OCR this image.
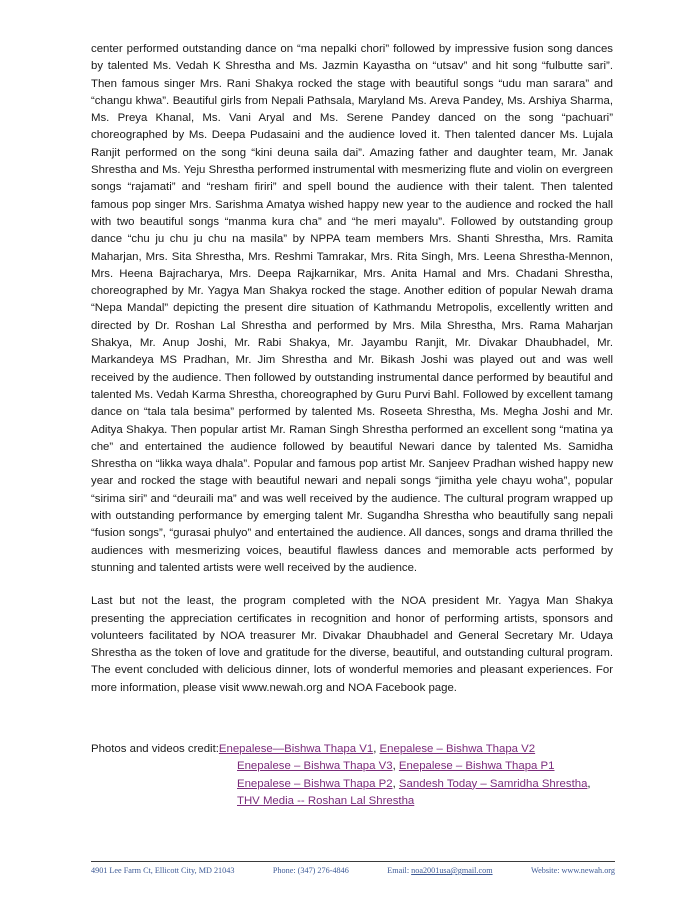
center performed outstanding dance on “ma nepalki chori” followed by impressive fusion song dances by talented Ms. Vedah K Shrestha and Ms. Jazmin Kayastha on “utsav” and hit song “fulbutte sari”. Then famous singer Mrs. Rani Shakya rocked the stage with beautiful songs “udu man sarara” and “changu khwa”. Beautiful girls from Nepali Pathsala, Maryland Ms. Areva Pandey, Ms. Arshiya Sharma, Ms. Preya Khanal, Ms. Vani Aryal and Ms. Serene Pandey danced on the song “pachuari” choreographed by Ms. Deepa Pudasaini and the audience loved it. Then talented dancer Ms. Lujala Ranjit performed on the song “kini deuna saila dai”. Amazing father and daughter team, Mr. Janak Shrestha and Ms. Yeju Shrestha performed instrumental with mesmerizing flute and violin on evergreen songs “rajamati” and “resham firiri” and spell bound the audience with their talent. Then talented famous pop singer Mrs. Sarishma Amatya wished happy new year to the audience and rocked the hall with two beautiful songs “manma kura cha” and “he meri mayalu”. Followed by outstanding group dance “chu ju chu ju chu na masila” by NPPA team members Mrs. Shanti Shrestha, Mrs. Ramita Maharjan, Mrs. Sita Shrestha, Mrs. Reshmi Tamrakar, Mrs. Rita Singh, Mrs. Leena Shrestha-Mennon, Mrs. Heena Bajracharya, Mrs. Deepa Rajkarnikar, Mrs. Anita Hamal and Mrs. Chadani Shrestha, choreographed by Mr. Yagya Man Shakya rocked the stage. Another edition of popular Newah drama “Nepa Mandal” depicting the present dire situation of Kathmandu Metropolis, excellently written and directed by Dr. Roshan Lal Shrestha and performed by Mrs. Mila Shrestha, Mrs. Rama Maharjan Shakya, Mr. Anup Joshi, Mr. Rabi Shakya, Mr. Jayambu Ranjit, Mr. Divakar Dhaubhadel, Mr. Markandeya MS Pradhan, Mr. Jim Shrestha and Mr. Bikash Joshi was played out and was well received by the audience. Then followed by outstanding instrumental dance performed by beautiful and talented Ms. Vedah Karma Shrestha, choreographed by Guru Purvi Bahl. Followed by excellent tamang dance on “tala tala besima” performed by talented Ms. Roseeta Shrestha, Ms. Megha Joshi and Mr. Aditya Shakya. Then popular artist Mr. Raman Singh Shrestha performed an excellent song “matina ya che” and entertained the audience followed by beautiful Newari dance by talented Ms. Samidha Shrestha on “likka waya dhala”. Popular and famous pop artist Mr. Sanjeev Pradhan wished happy new year and rocked the stage with beautiful newari and nepali songs “jimitha yele chayu woha”, popular “sirima siri” and “deuraili ma” and was well received by the audience. The cultural program wrapped up with outstanding performance by emerging talent Mr. Sugandha Shrestha who beautifully sang nepali “fusion songs”, “gurasai phulyo” and entertained the audience. All dances, songs and drama thrilled the audiences with mesmerizing voices, beautiful flawless dances and memorable acts performed by stunning and talented artists were well received by the audience.

Last but not the least, the program completed with the NOA president Mr. Yagya Man Shakya presenting the appreciation certificates in recognition and honor of performing artists, sponsors and volunteers facilitated by NOA treasurer Mr. Divakar Dhaubhadel and General Secretary Mr. Udaya Shrestha as the token of love and gratitude for the diverse, beautiful, and outstanding cultural program. The event concluded with delicious dinner, lots of wonderful memories and pleasant experiences. For more information, please visit www.newah.org and NOA Facebook page.

Photos and videos credit:Enepalese—Bishwa Thapa V1, Enepalese – Bishwa Thapa V2
Enepalese – Bishwa Thapa V3, Enepalese – Bishwa Thapa P1
Enepalese – Bishwa Thapa P2, Sandesh Today – Samridha Shrestha,
THV Media -- Roshan Lal Shrestha
4901 Lee Farm Ct, Ellicott City, MD 21043	Phone: (347) 276-4846	Email: noa2001usa@gmail.com	Website: www.newah.org
